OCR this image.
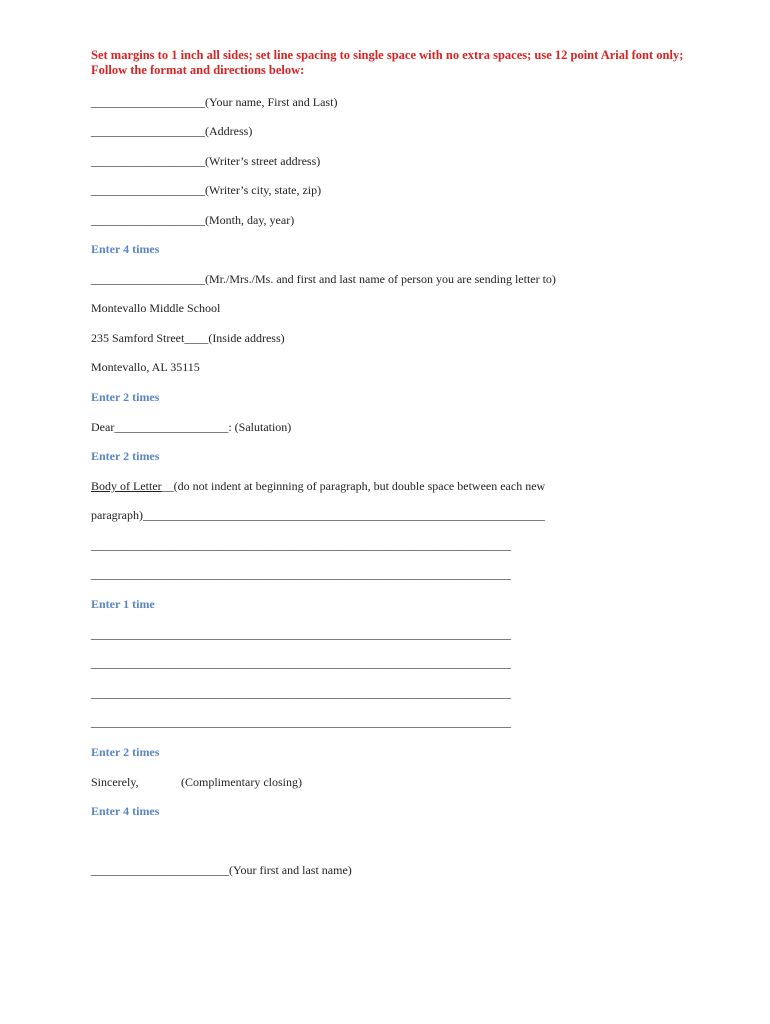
Set margins to 1 inch all sides; set line spacing to single space with no extra spaces; use 12 point Arial font only; Follow the format and directions below:
___________________(Your name, First and Last)
___________________(Address)
___________________(Writer’s street address)
___________________(Writer’s city, state, zip)
___________________(Month, day, year)
Enter 4 times
___________________(Mr./Mrs./Ms. and first and last name of person you are sending letter to)
Montevallo Middle School
235 Samford Street____(Inside address)
Montevallo, AL 35115
Enter 2 times
Dear___________________: (Salutation)
Enter 2 times
Body of Letter__(do not indent at beginning of paragraph, but double space between each new
paragraph)___________________________________________________________________
______________________________________________________________________
______________________________________________________________________
Enter 1 time
______________________________________________________________________
______________________________________________________________________
______________________________________________________________________
______________________________________________________________________
Enter 2 times
Sincerely,	(Complimentary closing)
Enter 4 times
_______________________(Your first and last name)
